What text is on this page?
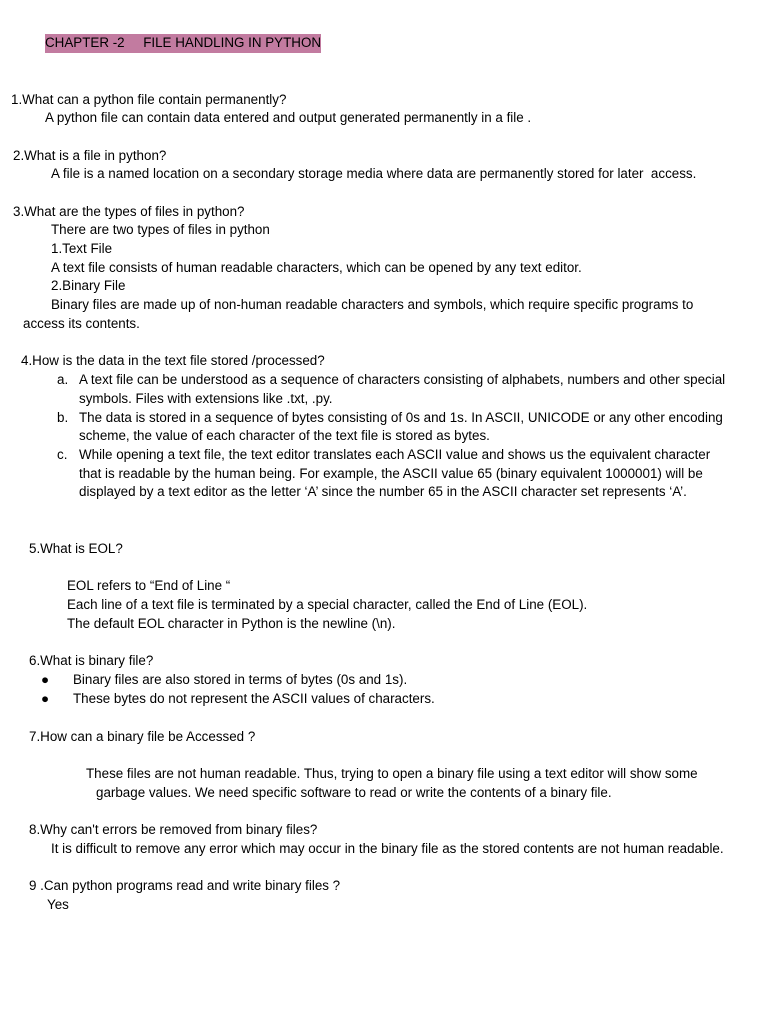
CHAPTER -2     FILE HANDLING IN PYTHON
1.What can a python file contain permanently?
A python file can contain data entered and output generated permanently in a file .
2.What is a file in python?
A file is a named location on a secondary storage media where data are permanently stored for later  access.
3.What are the types of files in python?
There are two types of files in python
1.Text File
A text file consists of human readable characters, which can be opened by any text editor.
2.Binary File
Binary files are made up of non-human readable characters and symbols, which require specific programs to
access its contents.
4.How is the data in the text file stored /processed?
a. A text file can be understood as a sequence of characters consisting of alphabets, numbers and other special
symbols. Files with extensions like .txt, .py.
b. The data is stored in a sequence of bytes consisting of 0s and 1s. In ASCII, UNICODE or any other encoding
scheme, the value of each character of the text file is stored as bytes.
c. While opening a text file, the text editor translates each ASCII value and shows us the equivalent character
that is readable by the human being. For example, the ASCII value 65 (binary equivalent 1000001) will be
displayed by a text editor as the letter ‘A’ since the number 65 in the ASCII character set represents ‘A’.
5.What is EOL?
EOL refers to “End of Line “
Each line of a text file is terminated by a special character, called the End of Line (EOL).
The default EOL character in Python is the newline (\n).
6.What is binary file?
● Binary files are also stored in terms of bytes (0s and 1s).
● These bytes do not represent the ASCII values of characters.
7.How can a binary file be Accessed ?
These files are not human readable. Thus, trying to open a binary file using a text editor will show some
garbage values. We need specific software to read or write the contents of a binary file.
8.Why can't errors be removed from binary files?
It is difficult to remove any error which may occur in the binary file as the stored contents are not human readable.
9 .Can python programs read and write binary files ?
Yes
